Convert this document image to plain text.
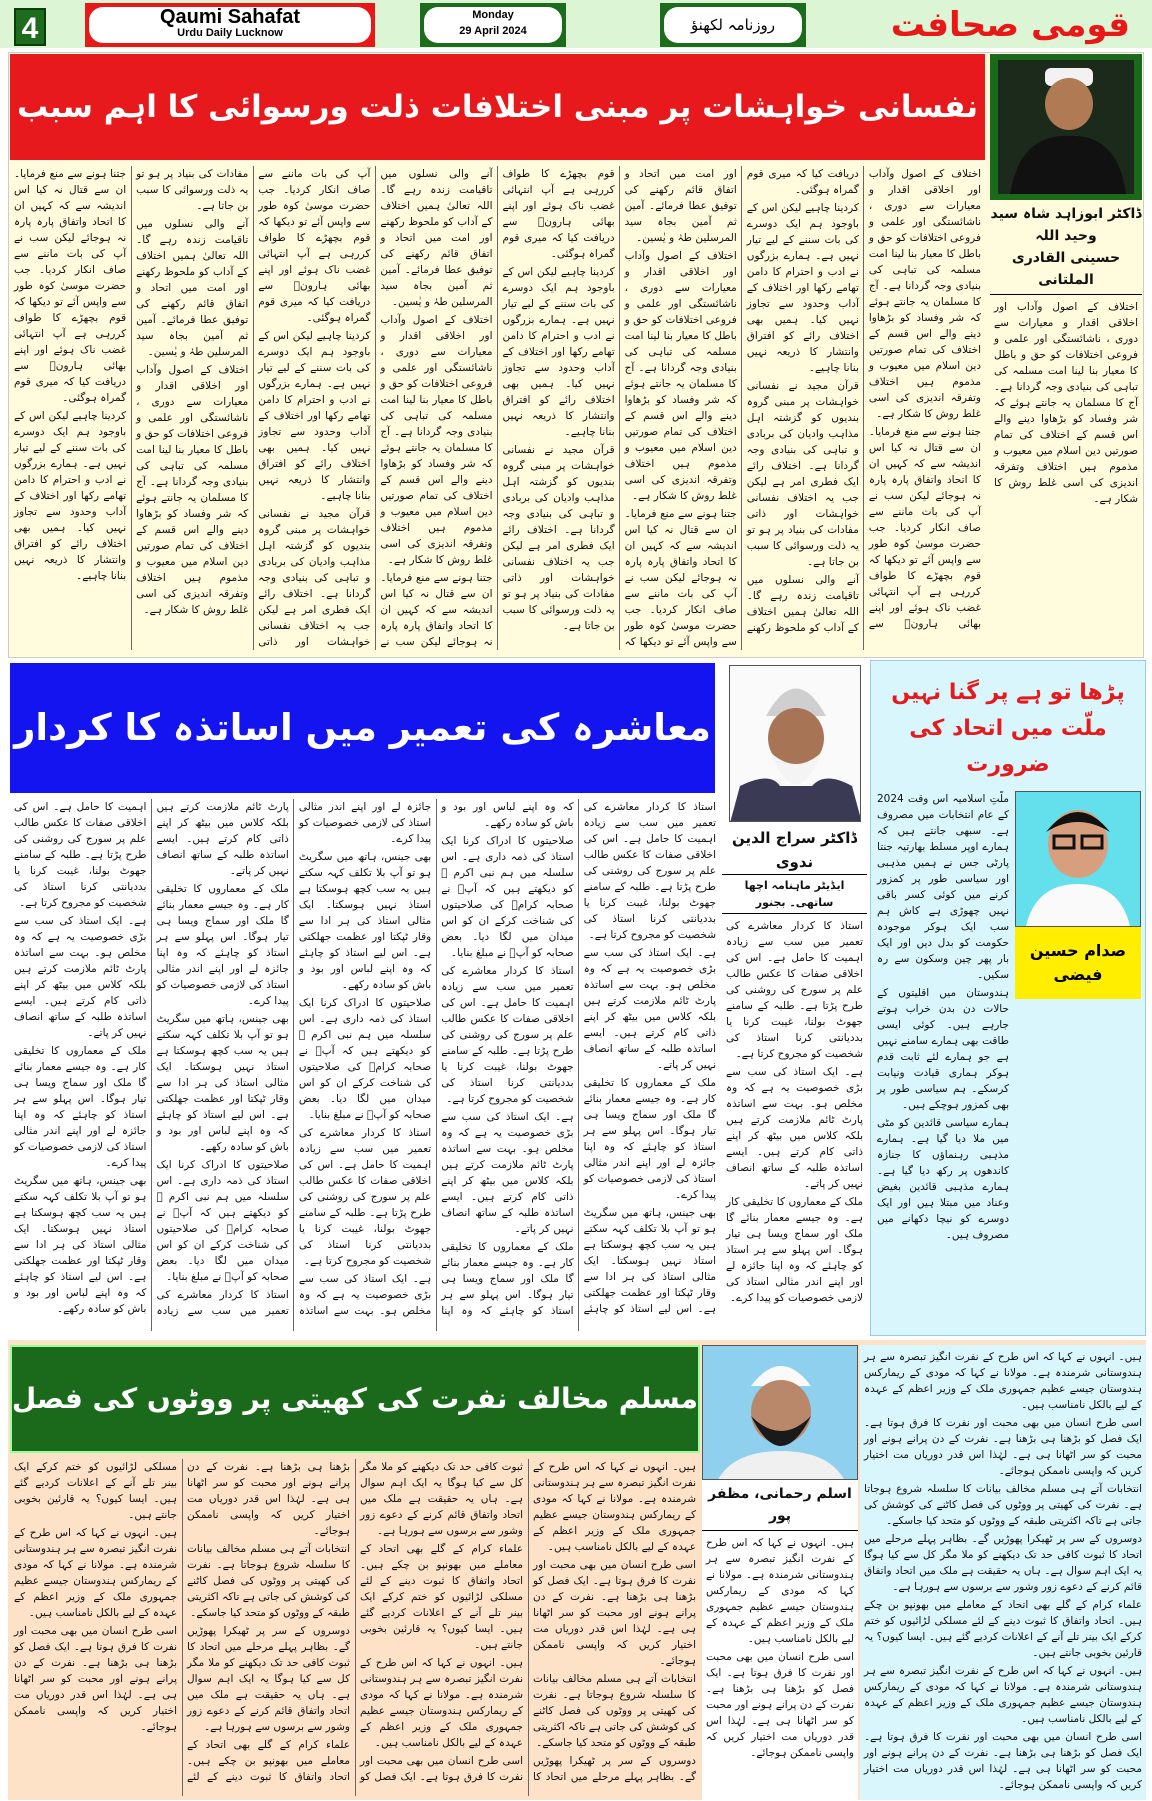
4	Qaumi Sahafat
Urdu Daily Lucknow
Monday
29 April 2024	روزنامہ لکھنؤ	قومی صحافت
نفسانی خواہشات پر مبنی اختلافات ذلت ورسوائی کا اہم سبب
ڈاکٹر ابوزاہد شاہ سید وحید اللہ
حسینی القادری الملتانی

اختلاف کے اصول وآداب اور اخلاقی اقدار و معیارات سے دوری ، ناشائستگی اور علمی و فروعی اختلافات کو حق و باطل کا معیار بنا لینا امت مسلمہ کی تباہی کی بنیادی وجہ گردانا ہے۔ آج کا مسلمان یہ جانتے ہوئے کہ شر وفساد کو بڑھاوا دینے والے اس قسم کے اختلاف کی تمام صورتیں دین اسلام میں معیوب و مذموم ہیں اختلاف وتفرقہ اندیزی کی اسی غلط روش کا شکار ہے۔

اختلاف کے اصول وآداب اور اخلاقی اقدار و معیارات سے دوری ، ناشائستگی اور علمی و فروعی اختلافات کو حق و باطل کا معیار بنا لینا امت مسلمہ کی تباہی کی بنیادی وجہ گردانا ہے۔ آج کا مسلمان یہ جانتے ہوئے کہ شر وفساد کو بڑھاوا دینے والے اس قسم کے اختلاف کی تمام صورتیں دین اسلام میں معیوب و مذموم ہیں اختلاف وتفرقہ اندیزی کی اسی غلط روش کا شکار ہے۔

جتنا ہونے سے منع فرمایا۔ ان سے قتال نہ کیا اس اندیشہ سے کہ کہیں ان کا اتحاد واتفاق پارہ پارہ نہ ہوجائے لیکن سب نے آپ کی بات ماننے سے صاف انکار کردیا۔ جب حضرت موسیٰ کوہ طور سے واپس آئے تو دیکھا کہ قوم بچھڑے کا طواف کررہی ہے آپ انتہائی غضب ناک ہوئے اور اپنے بھائی ہارونؑ سے دریافت کیا کہ میری قوم گمراہ ہوگئی۔

کردینا چاہیے لیکن اس کے باوجود ہم ایک دوسرے کی بات سننے کے لیے تیار نہیں ہے۔ ہمارے بزرگوں نے ادب و احترام کا دامن تھامے رکھا اور اختلاف کے آداب وحدود سے تجاوز نہیں کیا۔ ہمیں بھی اختلاف رائے کو افتراق وانتشار کا ذریعہ نہیں بنانا چاہیے۔

قرآن مجید نے نفسانی خواہشات پر مبنی گروہ بندیوں کو گزشتہ اہل مذاہب وادیان کی بربادی و تباہی کی بنیادی وجہ گردانا ہے۔ اختلاف رائے ایک فطری امر ہے لیکن جب یہ اختلاف نفسانی خواہشات اور ذاتی مفادات کی بنیاد پر ہو تو یہ ذلت ورسوائی کا سبب بن جاتا ہے۔

آنے والی نسلوں میں تاقیامت زندہ رہے گا۔ اللہ تعالیٰ ہمیں اختلاف کے آداب کو ملحوظ رکھنے اور امت میں اتحاد و اتفاق قائم رکھنے کی توفیق عطا فرمائے۔ آمین ثم آمین بجاہ سید المرسلین طہٰ و یٰسین۔

اختلاف کے اصول وآداب اور اخلاقی اقدار و معیارات سے دوری ، ناشائستگی اور علمی و فروعی اختلافات کو حق و باطل کا معیار بنا لینا امت مسلمہ کی تباہی کی بنیادی وجہ گردانا ہے۔ آج کا مسلمان یہ جانتے ہوئے کہ شر وفساد کو بڑھاوا دینے والے اس قسم کے اختلاف کی تمام صورتیں دین اسلام میں معیوب و مذموم ہیں اختلاف وتفرقہ اندیزی کی اسی غلط روش کا شکار ہے۔

جتنا ہونے سے منع فرمایا۔ ان سے قتال نہ کیا اس اندیشہ سے کہ کہیں ان کا اتحاد واتفاق پارہ پارہ نہ ہوجائے لیکن سب نے آپ کی بات ماننے سے صاف انکار کردیا۔ جب حضرت موسیٰ کوہ طور سے واپس آئے تو دیکھا کہ قوم بچھڑے کا طواف کررہی ہے آپ انتہائی غضب ناک ہوئے اور اپنے بھائی ہارونؑ سے دریافت کیا کہ میری قوم گمراہ ہوگئی۔

کردینا چاہیے لیکن اس کے باوجود ہم ایک دوسرے کی بات سننے کے لیے تیار نہیں ہے۔ ہمارے بزرگوں نے ادب و احترام کا دامن تھامے رکھا اور اختلاف کے آداب وحدود سے تجاوز نہیں کیا۔ ہمیں بھی اختلاف رائے کو افتراق وانتشار کا ذریعہ نہیں بنانا چاہیے۔

قرآن مجید نے نفسانی خواہشات پر مبنی گروہ بندیوں کو گزشتہ اہل مذاہب وادیان کی بربادی و تباہی کی بنیادی وجہ گردانا ہے۔ اختلاف رائے ایک فطری امر ہے لیکن جب یہ اختلاف نفسانی خواہشات اور ذاتی مفادات کی بنیاد پر ہو تو یہ ذلت ورسوائی کا سبب بن جاتا ہے۔

آنے والی نسلوں میں تاقیامت زندہ رہے گا۔ اللہ تعالیٰ ہمیں اختلاف کے آداب کو ملحوظ رکھنے اور امت میں اتحاد و اتفاق قائم رکھنے کی توفیق عطا فرمائے۔ آمین ثم آمین بجاہ سید المرسلین طہٰ و یٰسین۔

اختلاف کے اصول وآداب اور اخلاقی اقدار و معیارات سے دوری ، ناشائستگی اور علمی و فروعی اختلافات کو حق و باطل کا معیار بنا لینا امت مسلمہ کی تباہی کی بنیادی وجہ گردانا ہے۔ آج کا مسلمان یہ جانتے ہوئے کہ شر وفساد کو بڑھاوا دینے والے اس قسم کے اختلاف کی تمام صورتیں دین اسلام میں معیوب و مذموم ہیں اختلاف وتفرقہ اندیزی کی اسی غلط روش کا شکار ہے۔

جتنا ہونے سے منع فرمایا۔ ان سے قتال نہ کیا اس اندیشہ سے کہ کہیں ان کا اتحاد واتفاق پارہ پارہ نہ ہوجائے لیکن سب نے آپ کی بات ماننے سے صاف انکار کردیا۔ جب حضرت موسیٰ کوہ طور سے واپس آئے تو دیکھا کہ قوم بچھڑے کا طواف کررہی ہے آپ انتہائی غضب ناک ہوئے اور اپنے بھائی ہارونؑ سے دریافت کیا کہ میری قوم گمراہ ہوگئی۔

کردینا چاہیے لیکن اس کے باوجود ہم ایک دوسرے کی بات سننے کے لیے تیار نہیں ہے۔ ہمارے بزرگوں نے ادب و احترام کا دامن تھامے رکھا اور اختلاف کے آداب وحدود سے تجاوز نہیں کیا۔ ہمیں بھی اختلاف رائے کو افتراق وانتشار کا ذریعہ نہیں بنانا چاہیے۔

قرآن مجید نے نفسانی خواہشات پر مبنی گروہ بندیوں کو گزشتہ اہل مذاہب وادیان کی بربادی و تباہی کی بنیادی وجہ گردانا ہے۔ اختلاف رائے ایک فطری امر ہے لیکن جب یہ اختلاف نفسانی خواہشات اور ذاتی مفادات کی بنیاد پر ہو تو یہ ذلت ورسوائی کا سبب بن جاتا ہے۔

آنے والی نسلوں میں تاقیامت زندہ رہے گا۔ اللہ تعالیٰ ہمیں اختلاف کے آداب کو ملحوظ رکھنے اور امت میں اتحاد و اتفاق قائم رکھنے کی توفیق عطا فرمائے۔ آمین ثم آمین بجاہ سید المرسلین طہٰ و یٰسین۔

اختلاف کے اصول وآداب اور اخلاقی اقدار و معیارات سے دوری ، ناشائستگی اور علمی و فروعی اختلافات کو حق و باطل کا معیار بنا لینا امت مسلمہ کی تباہی کی بنیادی وجہ گردانا ہے۔ آج کا مسلمان یہ جانتے ہوئے کہ شر وفساد کو بڑھاوا دینے والے اس قسم کے اختلاف کی تمام صورتیں دین اسلام میں معیوب و مذموم ہیں اختلاف وتفرقہ اندیزی کی اسی غلط روش کا شکار ہے۔

جتنا ہونے سے منع فرمایا۔ ان سے قتال نہ کیا اس اندیشہ سے کہ کہیں ان کا اتحاد واتفاق پارہ پارہ نہ ہوجائے لیکن سب نے آپ کی بات ماننے سے صاف انکار کردیا۔ جب حضرت موسیٰ کوہ طور سے واپس آئے تو دیکھا کہ قوم بچھڑے کا طواف کررہی ہے آپ انتہائی غضب ناک ہوئے اور اپنے بھائی ہارونؑ سے دریافت کیا کہ میری قوم گمراہ ہوگئی۔

کردینا چاہیے لیکن اس کے باوجود ہم ایک دوسرے کی بات سننے کے لیے تیار نہیں ہے۔ ہمارے بزرگوں نے ادب و احترام کا دامن تھامے رکھا اور اختلاف کے آداب وحدود سے تجاوز نہیں کیا۔ ہمیں بھی اختلاف رائے کو افتراق وانتشار کا ذریعہ نہیں بنانا چاہیے۔

معاشرہ کی تعمیر میں اساتذہ کا کردار
ڈاکٹر سراج الدین ندوی
ایڈیٹر ماہنامہ اچھا ساتھی۔ بجنور

استاذ کا کردار معاشرے کی تعمیر میں سب سے زیادہ اہمیت کا حامل ہے۔ اس کی اخلاقی صفات کا عکس طالب علم پر سورج کی روشنی کی طرح پڑتا ہے۔ طلبہ کے سامنے جھوٹ بولنا، غیبت کرنا یا بددیانتی کرنا استاذ کی شخصیت کو مجروح کرتا ہے۔

ہے۔ ایک استاذ کی سب سے بڑی خصوصیت یہ ہے کہ وہ مخلص ہو۔ بہت سے اساتذہ پارٹ ٹائم ملازمت کرتے ہیں بلکہ کلاس میں بیٹھ کر اپنے ذاتی کام کرتے ہیں۔ ایسے اساتذہ طلبہ کے ساتھ انصاف نہیں کر پاتے۔

ملک کے معماروں کا تخلیقی کار ہے۔ وہ جیسے معمار بنائے گا ملک اور سماج ویسا ہی تیار ہوگا۔ اس پہلو سے ہر استاذ کو چاہئے کہ وہ اپنا جائزہ لے اور اپنے اندر مثالی استاذ کی لازمی خصوصیات کو پیدا کرے۔

استاذ کا کردار معاشرے کی تعمیر میں سب سے زیادہ اہمیت کا حامل ہے۔ اس کی اخلاقی صفات کا عکس طالب علم پر سورج کی روشنی کی طرح پڑتا ہے۔ طلبہ کے سامنے جھوٹ بولنا، غیبت کرنا یا بددیانتی کرنا استاذ کی شخصیت کو مجروح کرتا ہے۔

ہے۔ ایک استاذ کی سب سے بڑی خصوصیت یہ ہے کہ وہ مخلص ہو۔ بہت سے اساتذہ پارٹ ٹائم ملازمت کرتے ہیں بلکہ کلاس میں بیٹھ کر اپنے ذاتی کام کرتے ہیں۔ ایسے اساتذہ طلبہ کے ساتھ انصاف نہیں کر پاتے۔

ملک کے معماروں کا تخلیقی کار ہے۔ وہ جیسے معمار بنائے گا ملک اور سماج ویسا ہی تیار ہوگا۔ اس پہلو سے ہر استاذ کو چاہئے کہ وہ اپنا جائزہ لے اور اپنے اندر مثالی استاذ کی لازمی خصوصیات کو پیدا کرے۔

بھی جینس، ہاتھ میں سگریٹ ہو تو آپ بلا تکلف کہہ سکتے ہیں یہ سب کچھ ہوسکتا ہے استاذ نہیں ہوسکتا۔ ایک مثالی استاذ کی ہر ادا سے وقار ٹپکتا اور عظمت جھلکتی ہے۔ اس لیے استاذ کو چاہئے کہ وہ اپنے لباس اور بود و باش کو سادہ رکھے۔

صلاحیتوں کا ادراک کرنا ایک استاذ کی ذمہ داری ہے۔ اس سلسلہ میں ہم نبی اکرم ﷺ کو دیکھتے ہیں کہ آپؐ نے صحابہ کرامؓ کی صلاحیتوں کی شناخت کرکے ان کو اس میدان میں لگا دیا۔ بعض صحابہ کو آپؐ نے مبلغ بنایا۔

استاذ کا کردار معاشرے کی تعمیر میں سب سے زیادہ اہمیت کا حامل ہے۔ اس کی اخلاقی صفات کا عکس طالب علم پر سورج کی روشنی کی طرح پڑتا ہے۔ طلبہ کے سامنے جھوٹ بولنا، غیبت کرنا یا بددیانتی کرنا استاذ کی شخصیت کو مجروح کرتا ہے۔

ہے۔ ایک استاذ کی سب سے بڑی خصوصیت یہ ہے کہ وہ مخلص ہو۔ بہت سے اساتذہ پارٹ ٹائم ملازمت کرتے ہیں بلکہ کلاس میں بیٹھ کر اپنے ذاتی کام کرتے ہیں۔ ایسے اساتذہ طلبہ کے ساتھ انصاف نہیں کر پاتے۔

ملک کے معماروں کا تخلیقی کار ہے۔ وہ جیسے معمار بنائے گا ملک اور سماج ویسا ہی تیار ہوگا۔ اس پہلو سے ہر استاذ کو چاہئے کہ وہ اپنا جائزہ لے اور اپنے اندر مثالی استاذ کی لازمی خصوصیات کو پیدا کرے۔

بھی جینس، ہاتھ میں سگریٹ ہو تو آپ بلا تکلف کہہ سکتے ہیں یہ سب کچھ ہوسکتا ہے استاذ نہیں ہوسکتا۔ ایک مثالی استاذ کی ہر ادا سے وقار ٹپکتا اور عظمت جھلکتی ہے۔ اس لیے استاذ کو چاہئے کہ وہ اپنے لباس اور بود و باش کو سادہ رکھے۔

صلاحیتوں کا ادراک کرنا ایک استاذ کی ذمہ داری ہے۔ اس سلسلہ میں ہم نبی اکرم ﷺ کو دیکھتے ہیں کہ آپؐ نے صحابہ کرامؓ کی صلاحیتوں کی شناخت کرکے ان کو اس میدان میں لگا دیا۔ بعض صحابہ کو آپؐ نے مبلغ بنایا۔

استاذ کا کردار معاشرے کی تعمیر میں سب سے زیادہ اہمیت کا حامل ہے۔ اس کی اخلاقی صفات کا عکس طالب علم پر سورج کی روشنی کی طرح پڑتا ہے۔ طلبہ کے سامنے جھوٹ بولنا، غیبت کرنا یا بددیانتی کرنا استاذ کی شخصیت کو مجروح کرتا ہے۔

ہے۔ ایک استاذ کی سب سے بڑی خصوصیت یہ ہے کہ وہ مخلص ہو۔ بہت سے اساتذہ پارٹ ٹائم ملازمت کرتے ہیں بلکہ کلاس میں بیٹھ کر اپنے ذاتی کام کرتے ہیں۔ ایسے اساتذہ طلبہ کے ساتھ انصاف نہیں کر پاتے۔

ملک کے معماروں کا تخلیقی کار ہے۔ وہ جیسے معمار بنائے گا ملک اور سماج ویسا ہی تیار ہوگا۔ اس پہلو سے ہر استاذ کو چاہئے کہ وہ اپنا جائزہ لے اور اپنے اندر مثالی استاذ کی لازمی خصوصیات کو پیدا کرے۔

بھی جینس، ہاتھ میں سگریٹ ہو تو آپ بلا تکلف کہہ سکتے ہیں یہ سب کچھ ہوسکتا ہے استاذ نہیں ہوسکتا۔ ایک مثالی استاذ کی ہر ادا سے وقار ٹپکتا اور عظمت جھلکتی ہے۔ اس لیے استاذ کو چاہئے کہ وہ اپنے لباس اور بود و باش کو سادہ رکھے۔

صلاحیتوں کا ادراک کرنا ایک استاذ کی ذمہ داری ہے۔ اس سلسلہ میں ہم نبی اکرم ﷺ کو دیکھتے ہیں کہ آپؐ نے صحابہ کرامؓ کی صلاحیتوں کی شناخت کرکے ان کو اس میدان میں لگا دیا۔ بعض صحابہ کو آپؐ نے مبلغ بنایا۔

استاذ کا کردار معاشرے کی تعمیر میں سب سے زیادہ اہمیت کا حامل ہے۔ اس کی اخلاقی صفات کا عکس طالب علم پر سورج کی روشنی کی طرح پڑتا ہے۔ طلبہ کے سامنے جھوٹ بولنا، غیبت کرنا یا بددیانتی کرنا استاذ کی شخصیت کو مجروح کرتا ہے۔

ہے۔ ایک استاذ کی سب سے بڑی خصوصیت یہ ہے کہ وہ مخلص ہو۔ بہت سے اساتذہ پارٹ ٹائم ملازمت کرتے ہیں بلکہ کلاس میں بیٹھ کر اپنے ذاتی کام کرتے ہیں۔ ایسے اساتذہ طلبہ کے ساتھ انصاف نہیں کر پاتے۔

ملک کے معماروں کا تخلیقی کار ہے۔ وہ جیسے معمار بنائے گا ملک اور سماج ویسا ہی تیار ہوگا۔ اس پہلو سے ہر استاذ کو چاہئے کہ وہ اپنا جائزہ لے اور اپنے اندر مثالی استاذ کی لازمی خصوصیات کو پیدا کرے۔

بھی جینس، ہاتھ میں سگریٹ ہو تو آپ بلا تکلف کہہ سکتے ہیں یہ سب کچھ ہوسکتا ہے استاذ نہیں ہوسکتا۔ ایک مثالی استاذ کی ہر ادا سے وقار ٹپکتا اور عظمت جھلکتی ہے۔ اس لیے استاذ کو چاہئے کہ وہ اپنے لباس اور بود و باش کو سادہ رکھے۔

پڑھا تو ہے پر گنا نہیں
ملّت میں اتحاد کی ضرورت

ملّتِ اسلامیہ اس وقت 2024 کے عام انتخابات میں مصروف ہے۔ سبھی جانتے ہیں کہ ہمارے اوپر مسلط بھارتیہ جنتا پارٹی جس نے ہمیں مذہبی اور سیاسی طور پر کمزور کرنے میں کوئی کسر باقی نہیں چھوڑی ہے کاش ہم سب ایک ہوکر موجودہ حکومت کو بدل دیں اور ایک بار پھر چین وسکون سے رہ سکیں۔

ہندوستان میں اقلیتوں کے حالات دن بدن خراب ہوتے جارہے ہیں۔ کوئی ایسی طاقت بھی ہمارے سامنے نہیں ہے جو ہمارے لئے ثابت قدم ہوکر ہماری قیادت ونیابت کرسکے۔ ہم سیاسی طور پر بھی کمزور ہوچکے ہیں۔

ہمارے سیاسی قائدین کو مٹی میں ملا دیا گیا ہے۔ ہمارے مذہبی رہنماؤں کا جنازہ کاندھوں پر رکھ دیا گیا ہے۔ ہمارے مذہبی قائدین بغیض وعناد میں مبتلا ہیں اور ایک دوسرے کو نیچا دکھانے میں مصروف ہیں۔

صدام حسین فیضی
مسلم مخالف نفرت کی کھیتی پر ووٹوں کی فصل
اسلم رحمانی، مظفر پور

ہیں۔ انہوں نے کہا کہ اس طرح کے نفرت انگیز تبصرہ سے ہر ہندوستانی شرمندہ ہے۔ مولانا نے کہا کہ مودی کے ریمارکس ہندوستان جیسے عظیم جمہوری ملک کے وزیر اعظم کے عہدہ کے لیے بالکل نامناسب ہیں۔

اسی طرح انسان میں بھی محبت اور نفرت کا فرق ہوتا ہے۔ ایک فصل کو بڑھنا ہی بڑھنا ہے۔ نفرت کے دن پرانے ہونے اور محبت کو سر اٹھانا ہی ہے۔ لہٰذا اس قدر دوریاں مت اختیار کریں کہ واپسی ناممکن ہوجائے۔

ہیں۔ انہوں نے کہا کہ اس طرح کے نفرت انگیز تبصرہ سے ہر ہندوستانی شرمندہ ہے۔ مولانا نے کہا کہ مودی کے ریمارکس ہندوستان جیسے عظیم جمہوری ملک کے وزیر اعظم کے عہدہ کے لیے بالکل نامناسب ہیں۔

اسی طرح انسان میں بھی محبت اور نفرت کا فرق ہوتا ہے۔ ایک فصل کو بڑھنا ہی بڑھنا ہے۔ نفرت کے دن پرانے ہونے اور محبت کو سر اٹھانا ہی ہے۔ لہٰذا اس قدر دوریاں مت اختیار کریں کہ واپسی ناممکن ہوجائے۔

انتخابات آتے ہی مسلم مخالف بیانات کا سلسلہ شروع ہوجاتا ہے۔ نفرت کی کھیتی پر ووٹوں کی فصل کاٹنے کی کوشش کی جاتی ہے تاکہ اکثریتی طبقہ کے ووٹوں کو متحد کیا جاسکے۔

دوسروں کے سر پر ٹھیکرا پھوڑیں گے۔ بظاہر پہلے مرحلے میں اتحاد کا ثبوت کافی حد تک دیکھنے کو ملا مگر کل سے کیا ہوگا یہ ایک اہم سوال ہے۔ ہاں یہ حقیقت ہے ملک میں اتحاد واتفاق قائم کرنے کے دعوے زور وشور سے برسوں سے ہورہا ہے۔

علماء کرام کے گلے بھی اتحاد کے معاملے میں بھونپو بن چکے ہیں۔ اتحاد واتفاق کا ثبوت دینے کے لئے مسلکی لڑائیوں کو ختم کرکے ایک بینر تلے آنے کے اعلانات کردیے گئے ہیں۔ ایسا کیوں؟ یہ قارئین بخوبی جانتے ہیں۔

ہیں۔ انہوں نے کہا کہ اس طرح کے نفرت انگیز تبصرہ سے ہر ہندوستانی شرمندہ ہے۔ مولانا نے کہا کہ مودی کے ریمارکس ہندوستان جیسے عظیم جمہوری ملک کے وزیر اعظم کے عہدہ کے لیے بالکل نامناسب ہیں۔

اسی طرح انسان میں بھی محبت اور نفرت کا فرق ہوتا ہے۔ ایک فصل کو بڑھنا ہی بڑھنا ہے۔ نفرت کے دن پرانے ہونے اور محبت کو سر اٹھانا ہی ہے۔ لہٰذا اس قدر دوریاں مت اختیار کریں کہ واپسی ناممکن ہوجائے۔

انتخابات آتے ہی مسلم مخالف بیانات کا سلسلہ شروع ہوجاتا ہے۔ نفرت کی کھیتی پر ووٹوں کی فصل کاٹنے کی کوشش کی جاتی ہے تاکہ اکثریتی طبقہ کے ووٹوں کو متحد کیا جاسکے۔

دوسروں کے سر پر ٹھیکرا پھوڑیں گے۔ بظاہر پہلے مرحلے میں اتحاد کا ثبوت کافی حد تک دیکھنے کو ملا مگر کل سے کیا ہوگا یہ ایک اہم سوال ہے۔ ہاں یہ حقیقت ہے ملک میں اتحاد واتفاق قائم کرنے کے دعوے زور وشور سے برسوں سے ہورہا ہے۔

علماء کرام کے گلے بھی اتحاد کے معاملے میں بھونپو بن چکے ہیں۔ اتحاد واتفاق کا ثبوت دینے کے لئے مسلکی لڑائیوں کو ختم کرکے ایک بینر تلے آنے کے اعلانات کردیے گئے ہیں۔ ایسا کیوں؟ یہ قارئین بخوبی جانتے ہیں۔

ہیں۔ انہوں نے کہا کہ اس طرح کے نفرت انگیز تبصرہ سے ہر ہندوستانی شرمندہ ہے۔ مولانا نے کہا کہ مودی کے ریمارکس ہندوستان جیسے عظیم جمہوری ملک کے وزیر اعظم کے عہدہ کے لیے بالکل نامناسب ہیں۔

اسی طرح انسان میں بھی محبت اور نفرت کا فرق ہوتا ہے۔ ایک فصل کو بڑھنا ہی بڑھنا ہے۔ نفرت کے دن پرانے ہونے اور محبت کو سر اٹھانا ہی ہے۔ لہٰذا اس قدر دوریاں مت اختیار کریں کہ واپسی ناممکن ہوجائے۔

ہیں۔ انہوں نے کہا کہ اس طرح کے نفرت انگیز تبصرہ سے ہر ہندوستانی شرمندہ ہے۔ مولانا نے کہا کہ مودی کے ریمارکس ہندوستان جیسے عظیم جمہوری ملک کے وزیر اعظم کے عہدہ کے لیے بالکل نامناسب ہیں۔

اسی طرح انسان میں بھی محبت اور نفرت کا فرق ہوتا ہے۔ ایک فصل کو بڑھنا ہی بڑھنا ہے۔ نفرت کے دن پرانے ہونے اور محبت کو سر اٹھانا ہی ہے۔ لہٰذا اس قدر دوریاں مت اختیار کریں کہ واپسی ناممکن ہوجائے۔

انتخابات آتے ہی مسلم مخالف بیانات کا سلسلہ شروع ہوجاتا ہے۔ نفرت کی کھیتی پر ووٹوں کی فصل کاٹنے کی کوشش کی جاتی ہے تاکہ اکثریتی طبقہ کے ووٹوں کو متحد کیا جاسکے۔

دوسروں کے سر پر ٹھیکرا پھوڑیں گے۔ بظاہر پہلے مرحلے میں اتحاد کا ثبوت کافی حد تک دیکھنے کو ملا مگر کل سے کیا ہوگا یہ ایک اہم سوال ہے۔ ہاں یہ حقیقت ہے ملک میں اتحاد واتفاق قائم کرنے کے دعوے زور وشور سے برسوں سے ہورہا ہے۔

علماء کرام کے گلے بھی اتحاد کے معاملے میں بھونپو بن چکے ہیں۔ اتحاد واتفاق کا ثبوت دینے کے لئے مسلکی لڑائیوں کو ختم کرکے ایک بینر تلے آنے کے اعلانات کردیے گئے ہیں۔ ایسا کیوں؟ یہ قارئین بخوبی جانتے ہیں۔

ہیں۔ انہوں نے کہا کہ اس طرح کے نفرت انگیز تبصرہ سے ہر ہندوستانی شرمندہ ہے۔ مولانا نے کہا کہ مودی کے ریمارکس ہندوستان جیسے عظیم جمہوری ملک کے وزیر اعظم کے عہدہ کے لیے بالکل نامناسب ہیں۔

اسی طرح انسان میں بھی محبت اور نفرت کا فرق ہوتا ہے۔ ایک فصل کو بڑھنا ہی بڑھنا ہے۔ نفرت کے دن پرانے ہونے اور محبت کو سر اٹھانا ہی ہے۔ لہٰذا اس قدر دوریاں مت اختیار کریں کہ واپسی ناممکن ہوجائے۔
